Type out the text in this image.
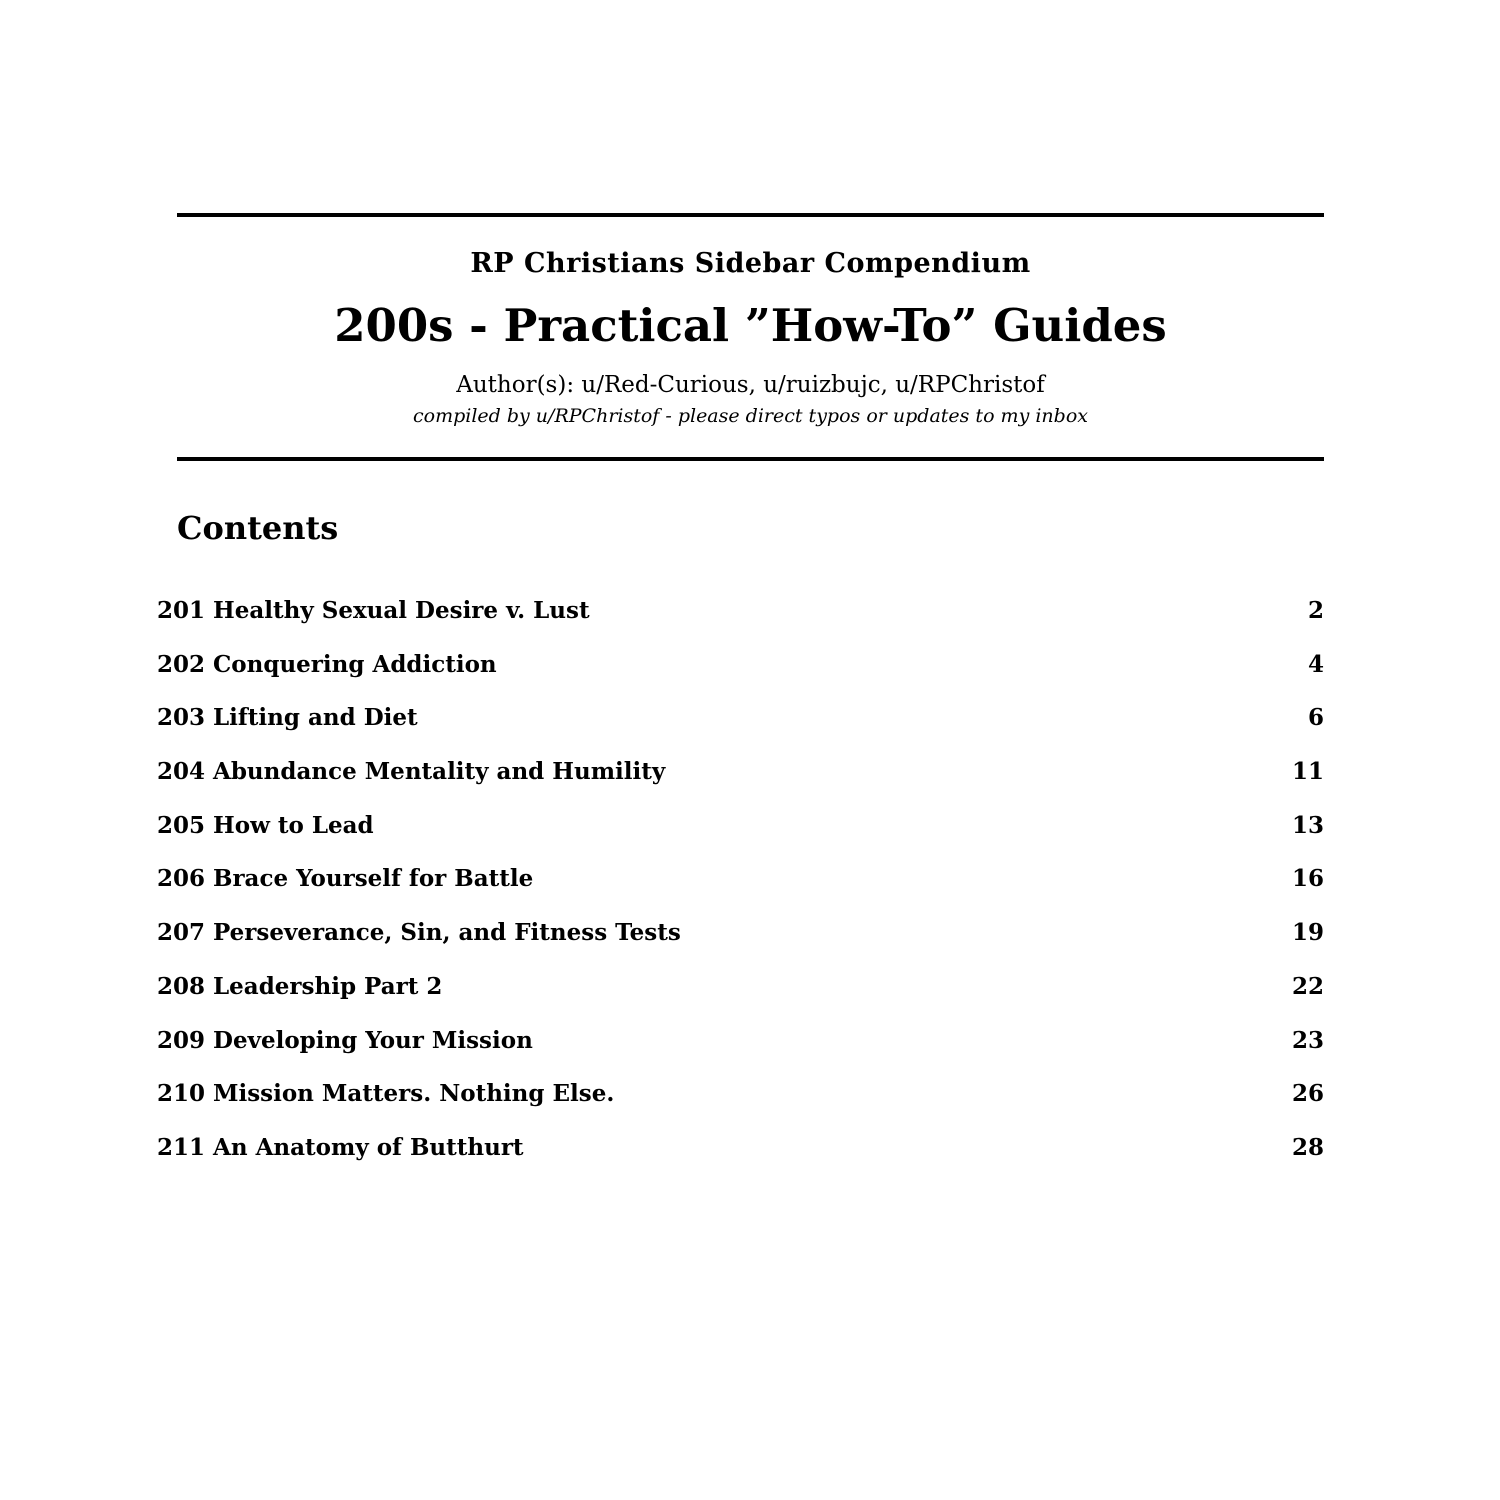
RP Christians Sidebar Compendium

200s - Practical ”How-To” Guides

Author(s): u/Red-Curious, u/ruizbujc, u/RPChristof

compiled by u/RPChristof - please direct typos or updates to my inbox

Contents
201 Healthy Sexual Desire v. Lust	2
202 Conquering Addiction	4
203 Lifting and Diet	6
204 Abundance Mentality and Humility	11
205 How to Lead	13
206 Brace Yourself for Battle	16
207 Perseverance, Sin, and Fitness Tests	19
208 Leadership Part 2	22
209 Developing Your Mission	23
210 Mission Matters. Nothing Else.	26
211 An Anatomy of Butthurt	28
